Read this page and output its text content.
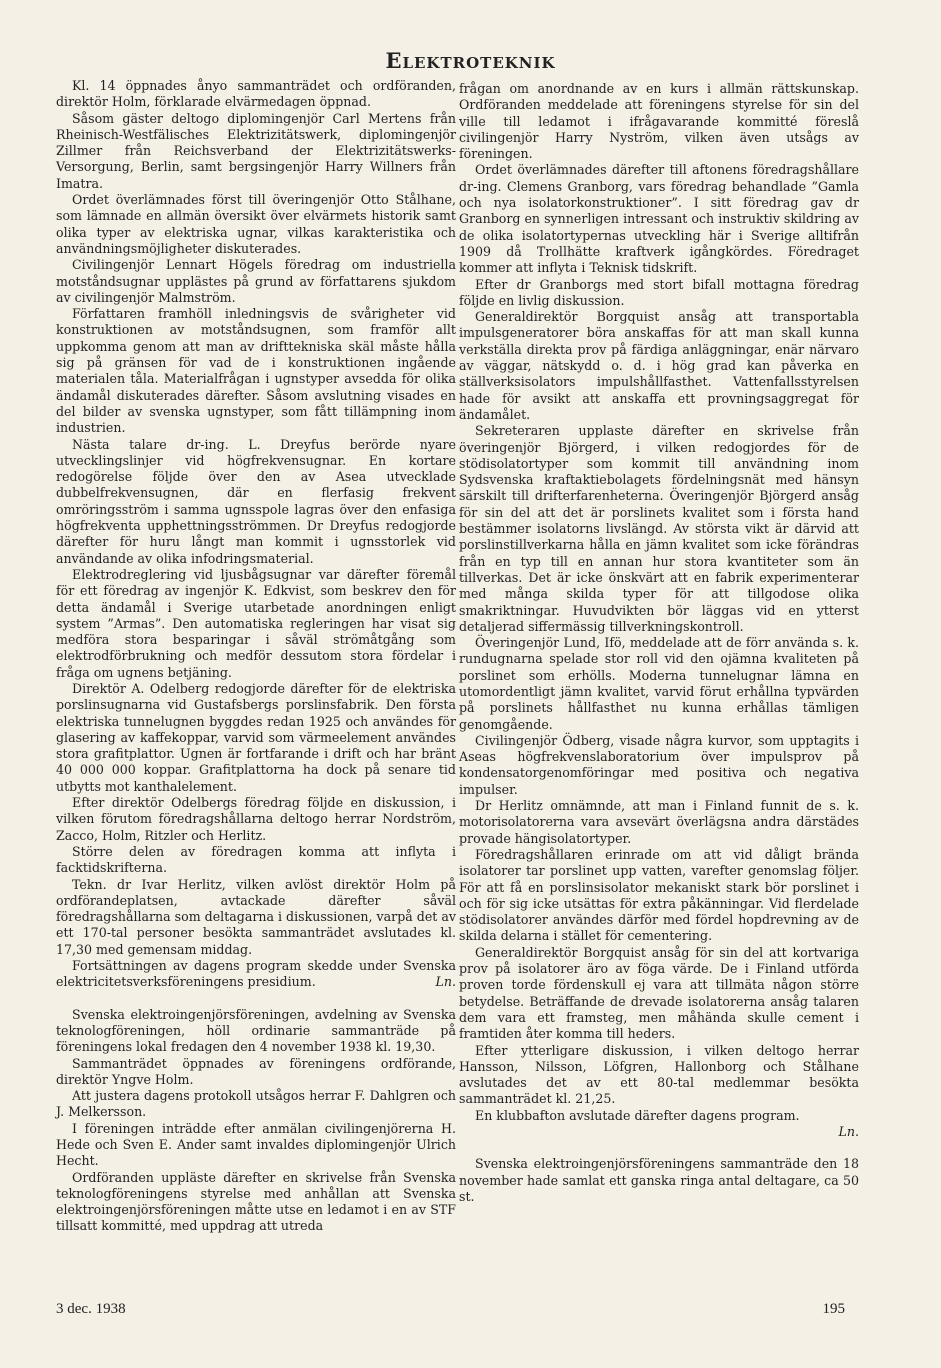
Elektroteknik

Kl. 14 öppnades ånyo sammanträdet och ordföranden, direktör Holm, förklarade elvärmedagen öppnad.

Såsom gäster deltogo diplomingenjör Carl Mertens från Rheinisch-Westfälisches Elektrizitätswerk, diplomingenjör Zillmer från Reichsverband der Elektrizitätswerks-Versorgung, Berlin, samt bergsingenjör Harry Willners från Imatra.

Ordet överlämnades först till överingenjör Otto Stålhane, som lämnade en allmän översikt över elvärmets historik samt olika typer av elektriska ugnar, vilkas karakteristika och användningsmöjligheter diskuterades.

Civilingenjör Lennart Högels föredrag om industriella motståndsugnar upplästes på grund av författarens sjukdom av civilingenjör Malmström.

Författaren framhöll inledningsvis de svårigheter vid konstruktionen av motståndsugnen, som framför allt uppkomma genom att man av drifttekniska skäl måste hålla sig på gränsen för vad de i konstruktionen ingående materialen tåla. Materialfrågan i ugnstyper avsedda för olika ändamål diskuterades därefter. Såsom avslutning visades en del bilder av svenska ugnstyper, som fått tillämpning inom industrien.

Nästa talare dr-ing. L. Dreyfus berörde nyare utvecklingslinjer vid högfrekvensugnar. En kortare redogörelse följde över den av Asea utvecklade dubbelfrekvensugnen, där en flerfasig frekvent omröringsström i samma ugnsspole lagras över den enfasiga högfrekventa upphettningsströmmen. Dr Dreyfus redogjorde därefter för huru långt man kommit i ugnsstorlek vid användande av olika infodringsmaterial.

Elektrodreglering vid ljusbågsugnar var därefter föremål för ett föredrag av ingenjör K. Edkvist, som beskrev den för detta ändamål i Sverige utarbetade anordningen enligt system ”Armas”. Den automatiska regleringen har visat sig medföra stora besparingar i såväl strömåtgång som elektrodförbrukning och medför dessutom stora fördelar i fråga om ugnens betjäning.

Direktör A. Odelberg redogjorde därefter för de elektriska porslinsugnarna vid Gustafsbergs porslinsfabrik. Den första elektriska tunnelugnen byggdes redan 1925 och användes för glasering av kaffekoppar, varvid som värmeelement användes stora grafitplattor. Ugnen är fortfarande i drift och har bränt 40 000 000 koppar. Grafitplattorna ha dock på senare tid utbytts mot kanthalelement.

Efter direktör Odelbergs föredrag följde en diskussion, i vilken förutom föredragshållarna deltogo herrar Nordström, Zacco, Holm, Ritzler och Herlitz.

Större delen av föredragen komma att inflyta i facktidskrifterna.

Tekn. dr Ivar Herlitz, vilken avlöst direktör Holm på ordförandeplatsen, avtackade därefter såväl föredragshållarna som deltagarna i diskussionen, varpå det av ett 170-tal personer besökta sammanträdet avslutades kl. 17,30 med gemensam middag.

Fortsättningen av dagens program skedde under Svenska elektricitetsverksföreningens presidium.	Ln.

Svenska elektroingenjörsföreningen, avdelning av Svenska teknologföreningen, höll ordinarie sammanträde på föreningens lokal fredagen den 4 november 1938 kl. 19,30.

Sammanträdet öppnades av föreningens ordförande, direktör Yngve Holm.

Att justera dagens protokoll utsågos herrar F. Dahlgren och J. Melkersson.

I föreningen inträdde efter anmälan civilingenjörerna H. Hede och Sven E. Ander samt invaldes diplomingenjör Ulrich Hecht.

Ordföranden uppläste därefter en skrivelse från Svenska teknologföreningens styrelse med anhållan att Svenska elektroingenjörsföreningen måtte utse en ledamot i en av STF tillsatt kommitté, med uppdrag att utreda

frågan om anordnande av en kurs i allmän rättskunskap. Ordföranden meddelade att föreningens styrelse för sin del ville till ledamot i ifrågavarande kommitté föreslå civilingenjör Harry Nyström, vilken även utsågs av föreningen.

Ordet överlämnades därefter till aftonens föredragshållare dr-ing. Clemens Granborg, vars föredrag behandlade ”Gamla och nya isolatorkonstruktioner”. I sitt föredrag gav dr Granborg en synnerligen intressant och instruktiv skildring av de olika isolatortypernas utveckling här i Sverige alltifrån 1909 då Trollhätte kraftverk igångkördes. Föredraget kommer att inflyta i Teknisk tidskrift.

Efter dr Granborgs med stort bifall mottagna föredrag följde en livlig diskussion.

Generaldirektör Borgquist ansåg att transportabla impulsgeneratorer böra anskaffas för att man skall kunna verkställa direkta prov på färdiga anläggningar, enär närvaro av väggar, nätskydd o. d. i hög grad kan påverka en ställverksisolators impulshållfasthet. Vattenfallsstyrelsen hade för avsikt att anskaffa ett provningsaggregat för ändamålet.

Sekreteraren upplaste därefter en skrivelse från överingenjör Björgerd, i vilken redogjordes för de stödisolatortyper som kommit till användning inom Sydsvenska kraftaktiebolagets fördelningsnät med hänsyn särskilt till drifterfarenheterna. Överingenjör Björgerd ansåg för sin del att det är porslinets kvalitet som i första hand bestämmer isolatorns livslängd. Av största vikt är därvid att porslinstillverkarna hålla en jämn kvalitet som icke förändras från en typ till en annan hur stora kvantiteter som än tillverkas. Det är icke önskvärt att en fabrik experimenterar med många skilda typer för att tillgodose olika smakriktningar. Huvudvikten bör läggas vid en ytterst detaljerad siffermässig tillverkningskontroll.

Överingenjör Lund, Ifö, meddelade att de förr använda s. k. rundugnarna spelade stor roll vid den ojämna kvaliteten på porslinet som erhölls. Moderna tunnelugnar lämna en utomordentligt jämn kvalitet, varvid förut erhållna typvärden på porslinets hållfasthet nu kunna erhållas tämligen genomgående.

Civilingenjör Ödberg, visade några kurvor, som upptagits i Aseas högfrekvenslaboratorium över impulsprov på kondensatorgenomföringar med positiva och negativa impulser.

Dr Herlitz omnämnde, att man i Finland funnit de s. k. motorisolatorerna vara avsevärt överlägsna andra därstädes provade hängisolatortyper.

Föredragshållaren erinrade om att vid dåligt brända isolatorer tar porslinet upp vatten, varefter genomslag följer. För att få en porslinsisolator mekaniskt stark bör porslinet i och för sig icke utsättas för extra påkänningar. Vid flerdelade stödisolatorer användes därför med fördel hopdrevning av de skilda delarna i stället för cementering.

Generaldirektör Borgquist ansåg för sin del att kortvariga prov på isolatorer äro av föga värde. De i Finland utförda proven torde fördenskull ej vara att tillmäta någon större betydelse. Beträffande de drevade isolatorerna ansåg talaren dem vara ett framsteg, men måhända skulle cement i framtiden åter komma till heders.

Efter ytterligare diskussion, i vilken deltogo herrar Hansson, Nilsson, Löfgren, Hallonborg och Stålhane avslutades det av ett 80-tal medlemmar besökta sammanträdet kl. 21,25.

En klubbafton avslutade därefter dagens program.

Ln.

Svenska elektroingenjörsföreningens sammanträde den 18 november hade samlat ett ganska ringa antal deltagare, ca 50 st.

3 dec. 1938	195
